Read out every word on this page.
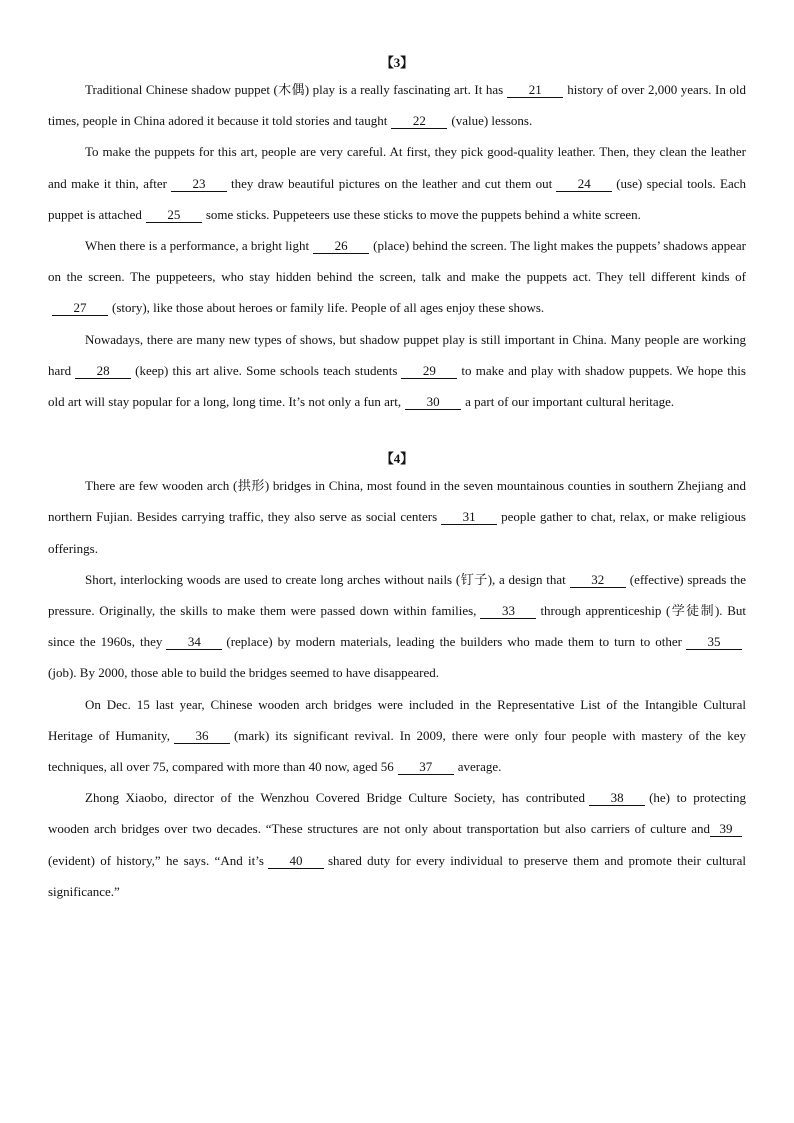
【3】

Traditional Chinese shadow puppet (木偶) play is a really fascinating art. It has 21 history of over 2,000 years. In old times, people in China adored it because it told stories and taught 22 (value) lessons.

To make the puppets for this art, people are very careful. At first, they pick good-quality leather. Then, they clean the leather and make it thin, after 23 they draw beautiful pictures on the leather and cut them out 24 (use) special tools. Each puppet is attached 25 some sticks. Puppeteers use these sticks to move the puppets behind a white screen.

When there is a performance, a bright light 26 (place) behind the screen. The light makes the puppets’ shadows appear on the screen. The puppeteers, who stay hidden behind the screen, talk and make the puppets act. They tell different kinds of27 (story), like those about heroes or family life. People of all ages enjoy these shows.

Nowadays, there are many new types of shows, but shadow puppet play is still important in China. Many people are working hard 28 (keep) this art alive. Some schools teach students 29 to make and play with shadow puppets. We hope this old art will stay popular for a long, long time. It’s not only a fun art, 30 a part of our important cultural heritage.

【4】

There are few wooden arch (拱形) bridges in China, most found in the seven mountainous counties in southern Zhejiang and northern Fujian. Besides carrying traffic, they also serve as social centers 31 people gather to chat, relax, or make religious offerings.

Short, interlocking woods are used to create long arches without nails (钉子), a design that 32 (effective) spreads the pressure. Originally, the skills to make them were passed down within families, 33 through apprenticeship (学徒制). But since the 1960s, they 34 (replace) by modern materials, leading the builders who made them to turn to other 35(job). By 2000, those able to build the bridges seemed to have disappeared.

On Dec. 15 last year, Chinese wooden arch bridges were included in the Representative List of the Intangible Cultural Heritage of Humanity, 36 (mark) its significant revival. In 2009, there were only four people with mastery of the key techniques, all over 75, compared with more than 40 now, aged 56 37 average.

Zhong Xiaobo, director of the Wenzhou Covered Bridge Culture Society, has contributed 38 (he) to protecting wooden arch bridges over two decades. “These structures are not only about transportation but also carriers of culture and 39(evident) of history,” he says. “And it’s 40 shared duty for every individual to preserve them and promote their cultural significance.”
